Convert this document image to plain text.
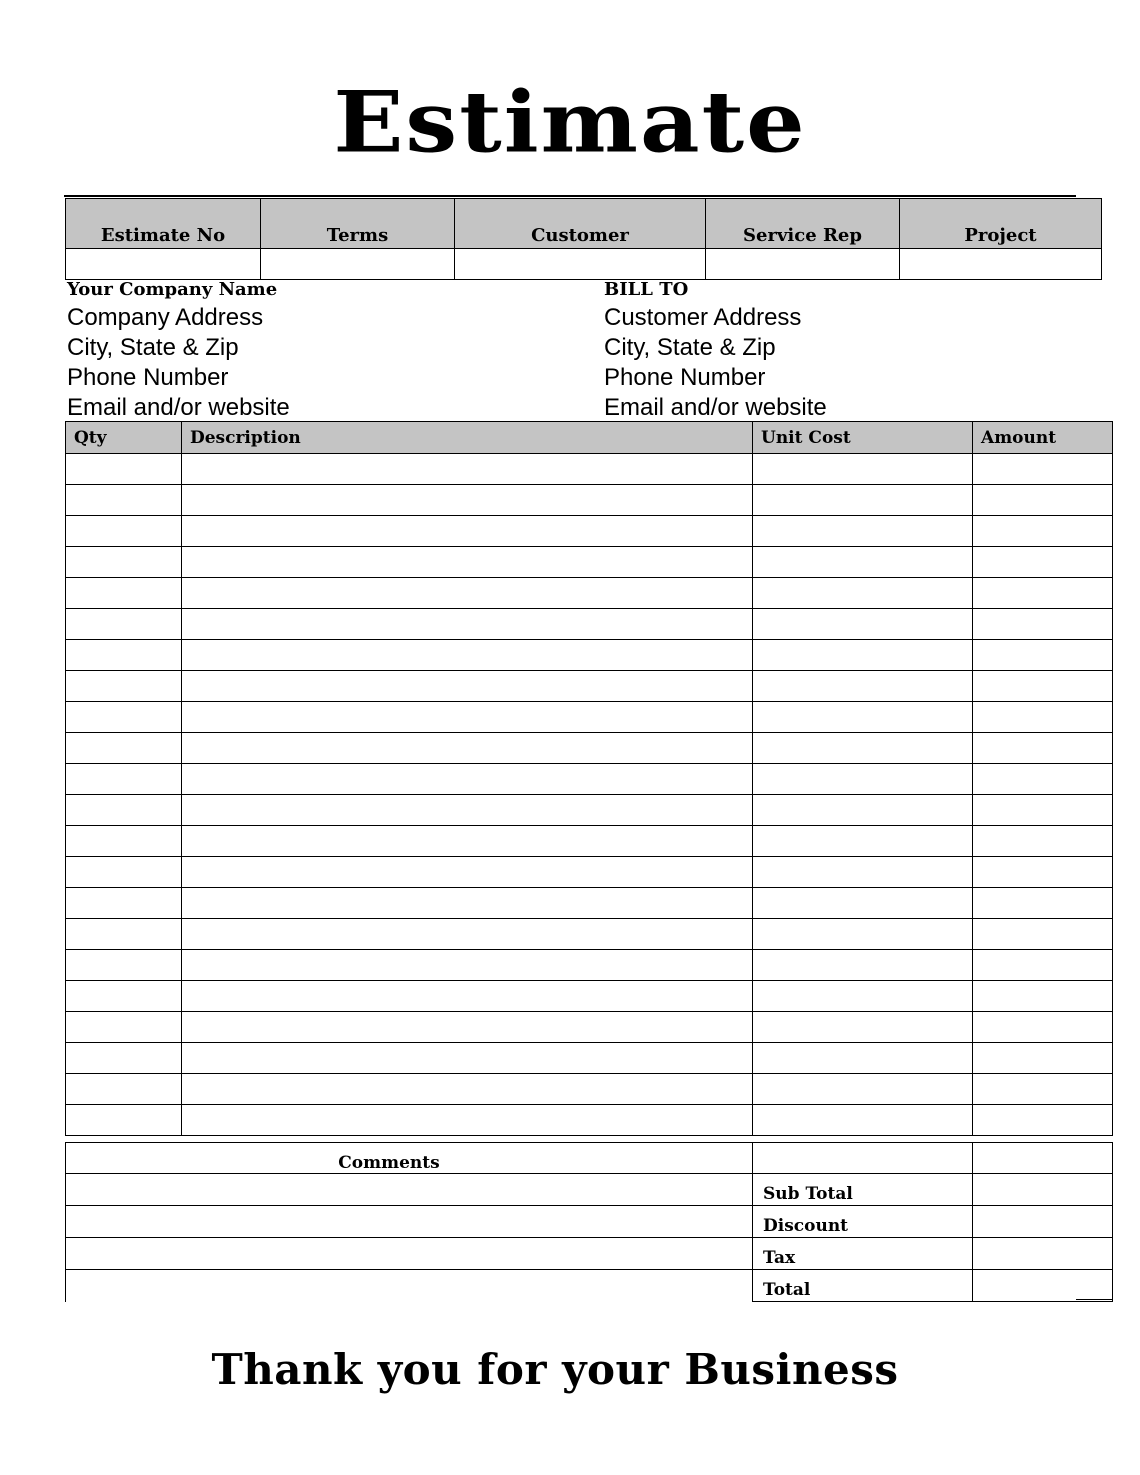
Estimate
Estimate No	Terms	Customer	Service Rep	Project

Your Company Name
Company Address
City, State & Zip
Phone Number
Email and/or website
BILL TO
Customer Address
City, State & Zip
Phone Number
Email and/or website
Qty	Description	Unit Cost	Amount

Comments		
	Sub Total	
	Discount	
	Tax	
	Total	
Thank you for your Business
